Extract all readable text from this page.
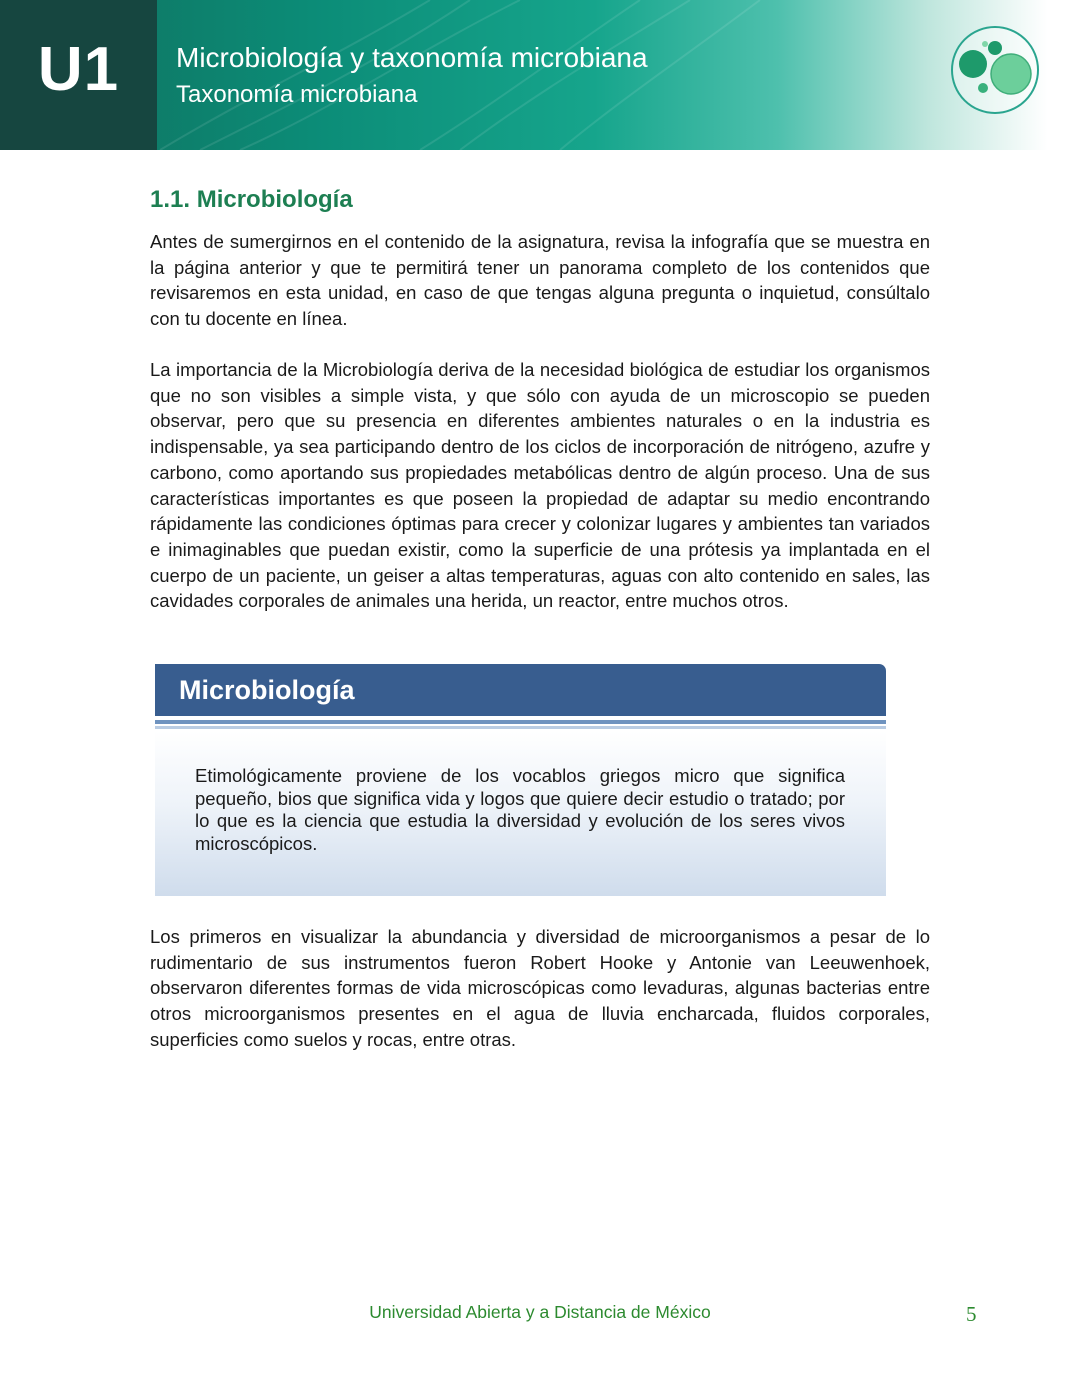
U1 Microbiología y taxonomía microbiana
Taxonomía microbiana
1.1. Microbiología

Antes de sumergirnos en el contenido de la asignatura, revisa la infografía que se muestra en la página anterior y que te permitirá tener un panorama completo de los contenidos que revisaremos en esta unidad, en caso de que tengas alguna pregunta o inquietud, consúltalo con tu docente en línea.

La importancia de la Microbiología deriva de la necesidad biológica de estudiar los organismos que no son visibles a simple vista, y que sólo con ayuda de un microscopio se pueden observar, pero que su presencia en diferentes ambientes naturales o en la industria es indispensable, ya sea participando dentro de los ciclos de incorporación de nitrógeno, azufre y carbono, como aportando sus propiedades metabólicas dentro de algún proceso. Una de sus características importantes es que poseen la propiedad de adaptar su medio encontrando rápidamente las condiciones óptimas para crecer y colonizar lugares y ambientes tan variados e inimaginables que puedan existir, como la superficie de una prótesis ya implantada en el cuerpo de un paciente, un geiser a altas temperaturas, aguas con alto contenido en sales, las cavidades corporales de animales una herida, un reactor, entre muchos otros.

Microbiología

Etimológicamente proviene de los vocablos griegos micro que significa pequeño, bios que significa vida y logos que quiere decir estudio o tratado; por lo que es la ciencia que estudia la diversidad y evolución de los seres vivos microscópicos.

Los primeros en visualizar la abundancia y diversidad de microorganismos a pesar de lo rudimentario de sus instrumentos fueron Robert Hooke y Antonie van Leeuwenhoek, observaron diferentes formas de vida microscópicas como levaduras, algunas bacterias entre otros microorganismos presentes en el agua de lluvia encharcada, fluidos corporales, superficies como suelos y rocas, entre otras.

Universidad Abierta y a Distancia de México	5
